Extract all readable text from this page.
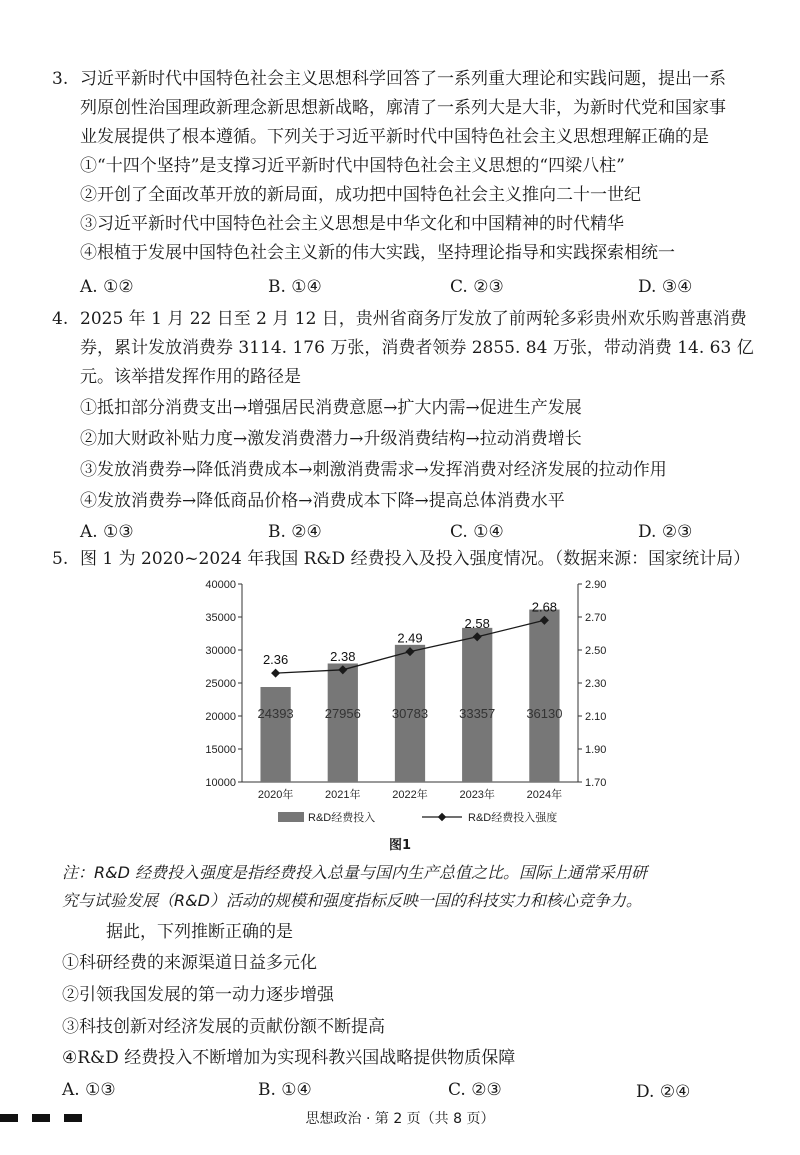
3. 习近平新时代中国特色社会主义思想科学回答了一系列重大理论和实践问题，提出一系
列原创性治国理政新理念新思想新战略，廓清了一系列大是大非，为新时代党和国家事
业发展提供了根本遵循。下列关于习近平新时代中国特色社会主义思想理解正确的是
①“十四个坚持”是支撑习近平新时代中国特色社会主义思想的“四梁八柱”
②开创了全面改革开放的新局面，成功把中国特色社会主义推向二十一世纪
③习近平新时代中国特色社会主义思想是中华文化和中国精神的时代精华
④根植于发展中国特色社会主义新的伟大实践，坚持理论指导和实践探索相统一
A. ①②	B. ①④	C. ②③	D. ③④
4. 2025 年 1 月 22 日至 2 月 12 日，贵州省商务厅发放了前两轮多彩贵州欢乐购普惠消费
券，累计发放消费券 3114. 176 万张，消费者领券 2855. 84 万张，带动消费 14. 63 亿
元。该举措发挥作用的路径是
①抵扣部分消费支出→增强居民消费意愿→扩大内需→促进生产发展
②加大财政补贴力度→激发消费潜力→升级消费结构→拉动消费增长
③发放消费券→降低消费成本→刺激消费需求→发挥消费对经济发展的拉动作用
④发放消费券→降低商品价格→消费成本下降→提高总体消费水平
A. ①③	B. ②④	C. ①④	D. ②③
5. 图 1 为 2020~2024 年我国 R&D 经费投入及投入强度情况。（数据来源：国家统计局）
10000
15000
20000
25000
30000
35000
40000
1.70
1.90
2.10
2.30
2.50
2.70
2.90
24393 27956 30783 33357 36130
2020年	2021年	2022年	2023年	2024年
2.36	2.38
2.49
2.58
2.68
R&D经费投入	R&D经费投入强度
图1
注：R&D 经费投入强度是指经费投入总量与国内生产总值之比。国际上通常采用研
究与试验发展（R&D）活动的规模和强度指标反映一国的科技实力和核心竞争力。
据此，下列推断正确的是
①科研经费的来源渠道日益多元化
②引领我国发展的第一动力逐步增强
③科技创新对经济发展的贡献份额不断提高
④R&D 经费投入不断增加为实现科教兴国战略提供物质保障
A. ①③	B. ①④	C. ②③	D. ②④
思想政治 · 第 2 页（共 8 页）
